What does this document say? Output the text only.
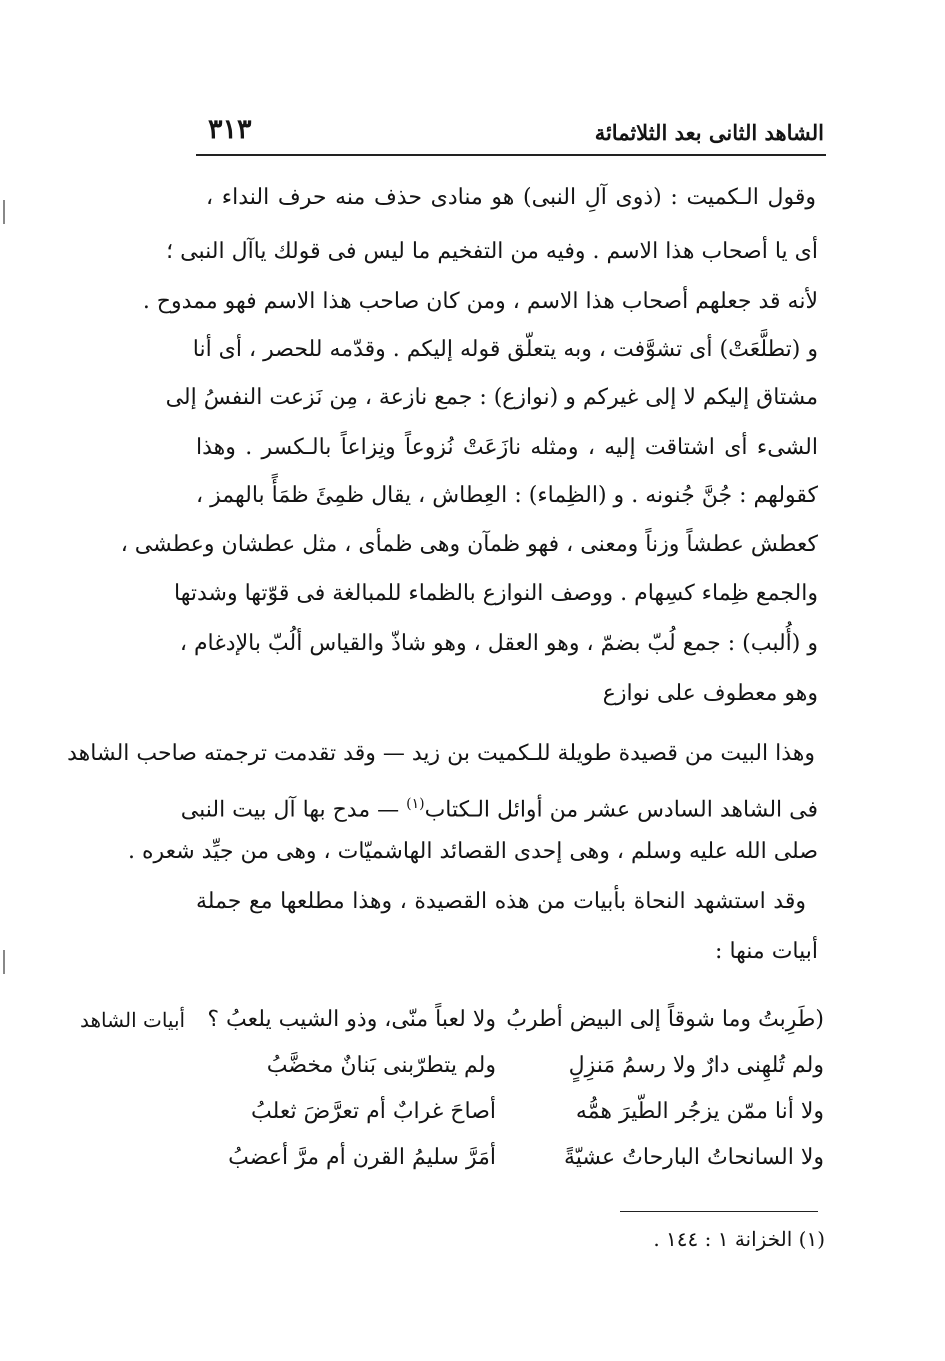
الشاهد الثانى بعد الثلاثمائة
٣١٣
وقول الـكميت : (ذوى آلِ النبى) هو منادى حذف منه حرف النداء ،
أى يا أصحاب هذا الاسم . وفيه من التفخيم ما ليس فى قولك ياآل النبى ؛
لأنه قد جعلهم أصحاب هذا الاسم ، ومن كان صاحب هذا الاسم فهو ممدوح .
و (تطلَّعَتْ) أى تشوَّفت ، وبه يتعلّق قوله إليكم . وقدّمه للحصر ، أى أنا
مشتاق إليكم لا إلى غيركم و (نوازع) : جمع نازعة ، مِن نَزعت النفسُ إلى
الشىء أى اشتاقت إليه ، ومثله نازَعَتْ نُزوعاً ونِزاعاً بالـكسر . وهذا
كقولهم : جُنَّ جُنونه . و (الظِماء) : العِطاش ، يقال ظمِئَ ظمَأً بالهمز ،
كعطش عطشاً وزناً ومعنى ، فهو ظمآن وهى ظمأى ، مثل عطشان وعطشى ،
والجمع ظِماء كسِهام . ووصف النوازع بالظماء للمبالغة فى قوّتها وشدتها
و (أُلبب) : جمع لُبّ بضمّ ، وهو العقل ، وهو شاذّ والقياس ألُبّ بالإدغام ،
وهو معطوف على نوازع
وهذا البيت من قصيدة طويلة للـكميت بن زيد — وقد تقدمت ترجمته صاحب الشاهد
فى الشاهد السادس عشر من أوائل الـكتاب$^{(١)}$ — مدح بها آل بيت النبى
صلى الله عليه وسلم ، وهى إحدى القصائد الهاشميّات ، وهى من جيِّد شعره .
وقد استشهد النحاة بأبيات من هذه القصيدة ، وهذا مطلعها مع جملة
أبيات منها :
أبيات الشاهد	(طَرِبتُ وما شوقاً إلى البيض أطربُ
ولا لعباً منّى، وذو الشيب يلعبُ ؟
ولم تُلهِنى دارٌ ولا رسمُ مَنزِلٍ
ولم يتطرّبنى بَنانٌ مخضَّبُ
ولا أنا ممّن يزجُر الطّيرَ همُّه
أصاحَ غرابٌ أم تعرَّضَ ثعلبُ
ولا السانحاتُ البارحاتُ عشيّةً
أمَرَّ سليمُ القرن أم مرَّ أعضبُ
(١) الخزانة ١ : ١٤٤ .
